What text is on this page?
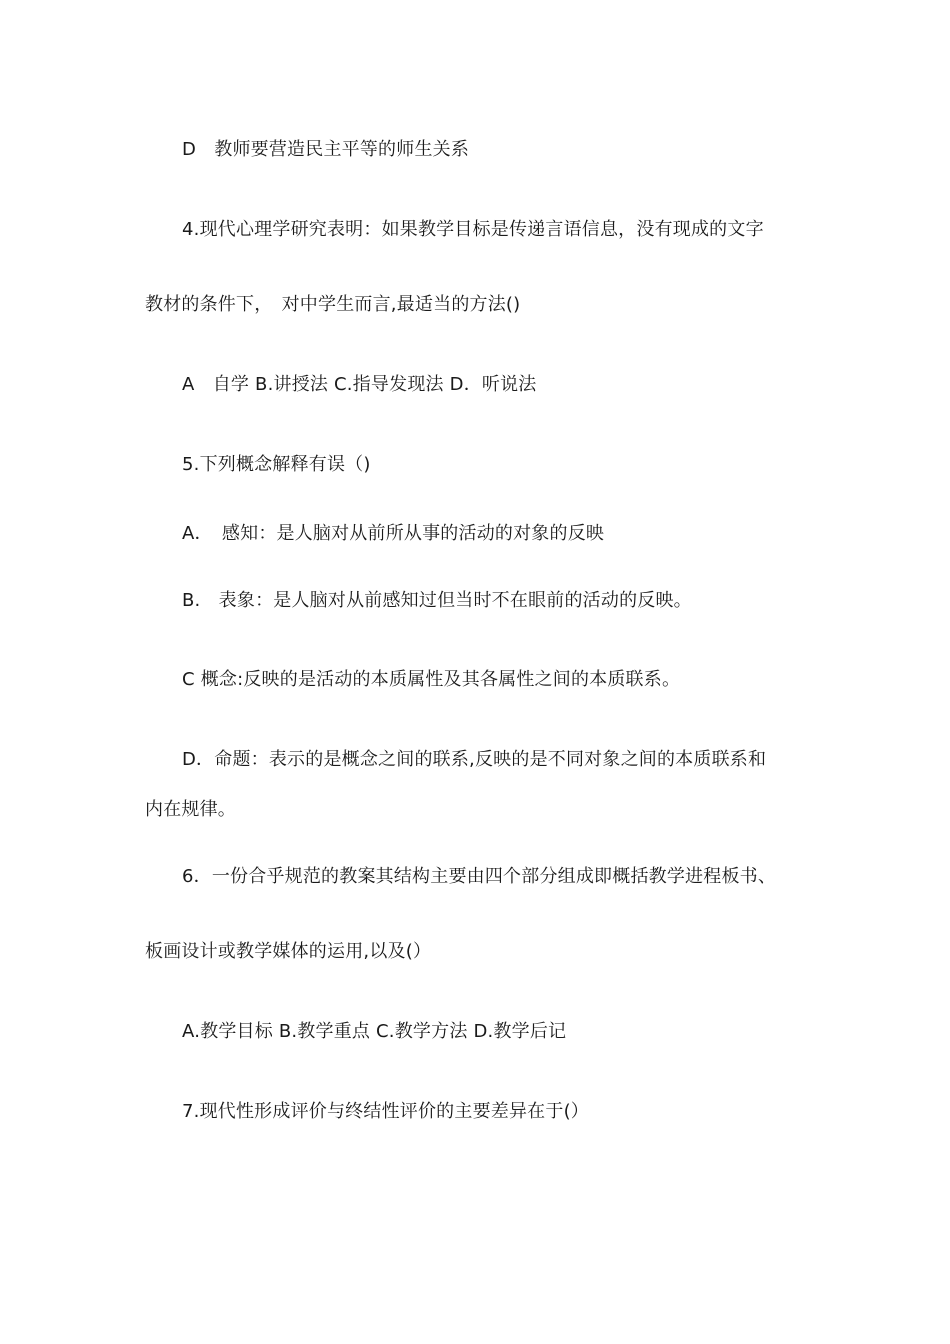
D　教师要营造民主平等的师生关系
4.现代心理学研究表明：如果教学目标是传递言语信息，没有现成的文字
教材的条件下，　对中学生而言,最适当的方法()
A　自学 B.讲授法 C.指导发现法 D．听说法
5.下列概念解释有误（)
A．　感知：是人脑对从前所从事的活动的对象的反映
B.　表象：是人脑对从前感知过但当时不在眼前的活动的反映。
C 概念:反映的是活动的本质属性及其各属性之间的本质联系。
D．命题：表示的是概念之间的联系,反映的是不同对象之间的本质联系和
内在规律。
6．一份合乎规范的教案其结构主要由四个部分组成即概括教学进程板书、
板画设计或教学媒体的运用,以及(）
A.教学目标 B.教学重点 C.教学方法 D.教学后记
7.现代性形成评价与终结性评价的主要差异在于(）
